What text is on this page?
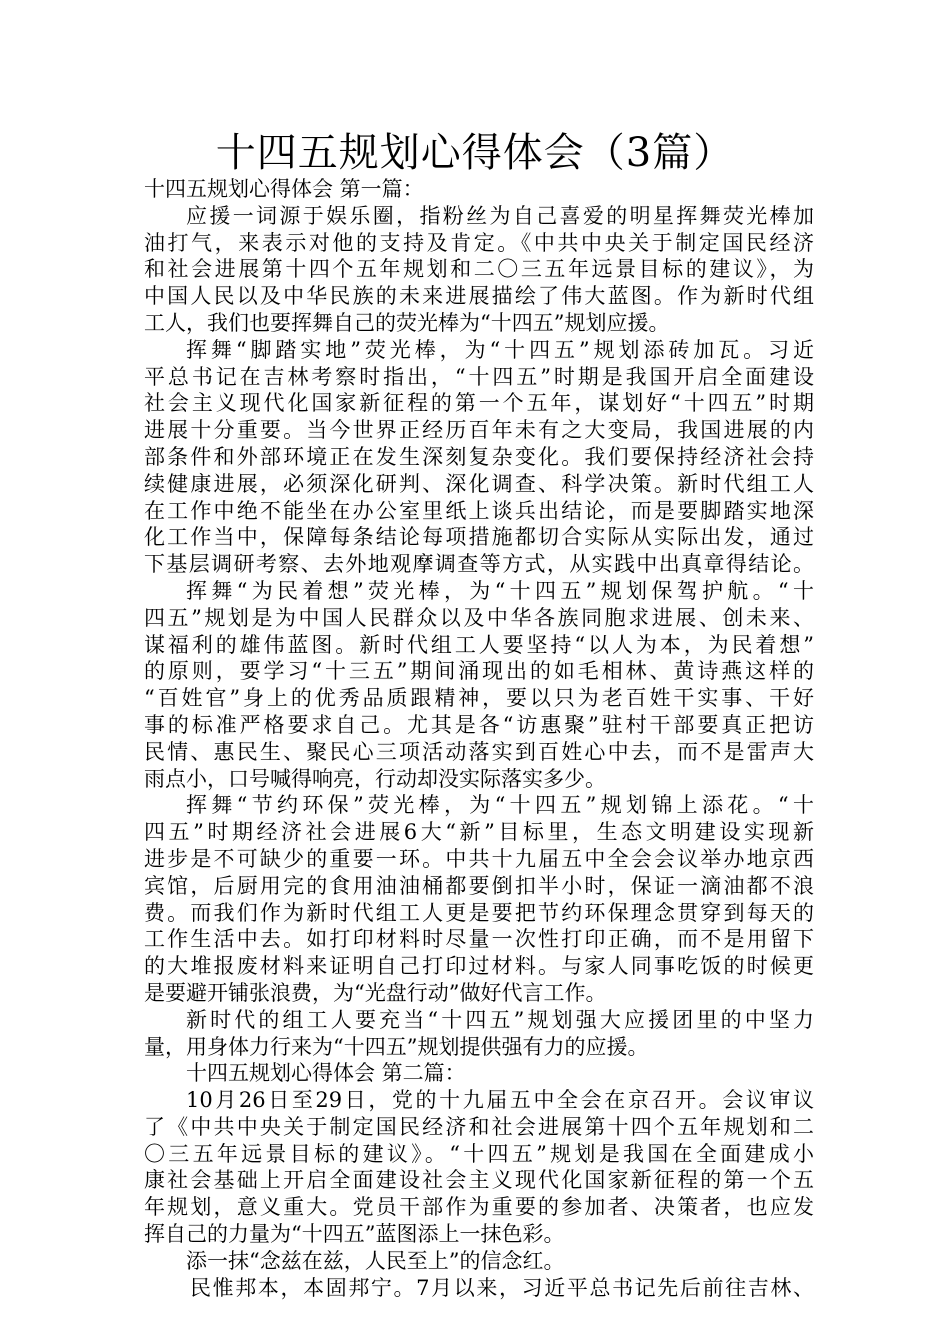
十四五规划心得体会（3篇）
十四五规划心得体会 第一篇：
应援一词源于娱乐圈，指粉丝为自己喜爱的明星挥舞荧光棒加
油打气，来表示对他的支持及肯定。《中共中央关于制定国民经济
和社会进展第十四个五年规划和二〇三五年远景目标的建议》，为
中国人民以及中华民族的未来进展描绘了伟大蓝图。作为新时代组
工人，我们也要挥舞自己的荧光棒为“十四五”规划应援。
挥舞“脚踏实地”荧光棒，为“十四五”规划添砖加瓦。习近
平总书记在吉林考察时指出，“十四五”时期是我国开启全面建设
社会主义现代化国家新征程的第一个五年，谋划好“十四五”时期
进展十分重要。当今世界正经历百年未有之大变局，我国进展的内
部条件和外部环境正在发生深刻复杂变化。我们要保持经济社会持
续健康进展，必须深化研判、深化调查、科学决策。新时代组工人
在工作中绝不能坐在办公室里纸上谈兵出结论，而是要脚踏实地深
化工作当中，保障每条结论每项措施都切合实际从实际出发，通过
下基层调研考察、去外地观摩调查等方式，从实践中出真章得结论。
挥舞“为民着想”荧光棒，为“十四五”规划保驾护航。“十
四五”规划是为中国人民群众以及中华各族同胞求进展、创未来、
谋福利的雄伟蓝图。新时代组工人要坚持“以人为本，为民着想”
的原则，要学习“十三五”期间涌现出的如毛相林、黄诗燕这样的
“百姓官”身上的优秀品质跟精神，要以只为老百姓干实事、干好
事的标准严格要求自己。尤其是各“访惠聚”驻村干部要真正把访
民情、惠民生、聚民心三项活动落实到百姓心中去，而不是雷声大
雨点小，口号喊得响亮，行动却没实际落实多少。
挥舞“节约环保”荧光棒，为“十四五”规划锦上添花。“十
四五”时期经济社会进展6大“新”目标里，生态文明建设实现新
进步是不可缺少的重要一环。中共十九届五中全会会议举办地京西
宾馆，后厨用完的食用油油桶都要倒扣半小时，保证一滴油都不浪
费。而我们作为新时代组工人更是要把节约环保理念贯穿到每天的
工作生活中去。如打印材料时尽量一次性打印正确，而不是用留下
的大堆报废材料来证明自己打印过材料。与家人同事吃饭的时候更
是要避开铺张浪费，为“光盘行动”做好代言工作。
新时代的组工人要充当“十四五”规划强大应援团里的中坚力
量，用身体力行来为“十四五”规划提供强有力的应援。
十四五规划心得体会 第二篇：
10月26日至29日，党的十九届五中全会在京召开。会议审议
了《中共中央关于制定国民经济和社会进展第十四个五年规划和二
〇三五年远景目标的建议》。“十四五”规划是我国在全面建成小
康社会基础上开启全面建设社会主义现代化国家新征程的第一个五
年规划，意义重大。党员干部作为重要的参加者、决策者，也应发
挥自己的力量为“十四五”蓝图添上一抹色彩。
添一抹“念兹在兹，人民至上”的信念红。
民惟邦本，本固邦宁。7月以来，习近平总书记先后前往吉林、
